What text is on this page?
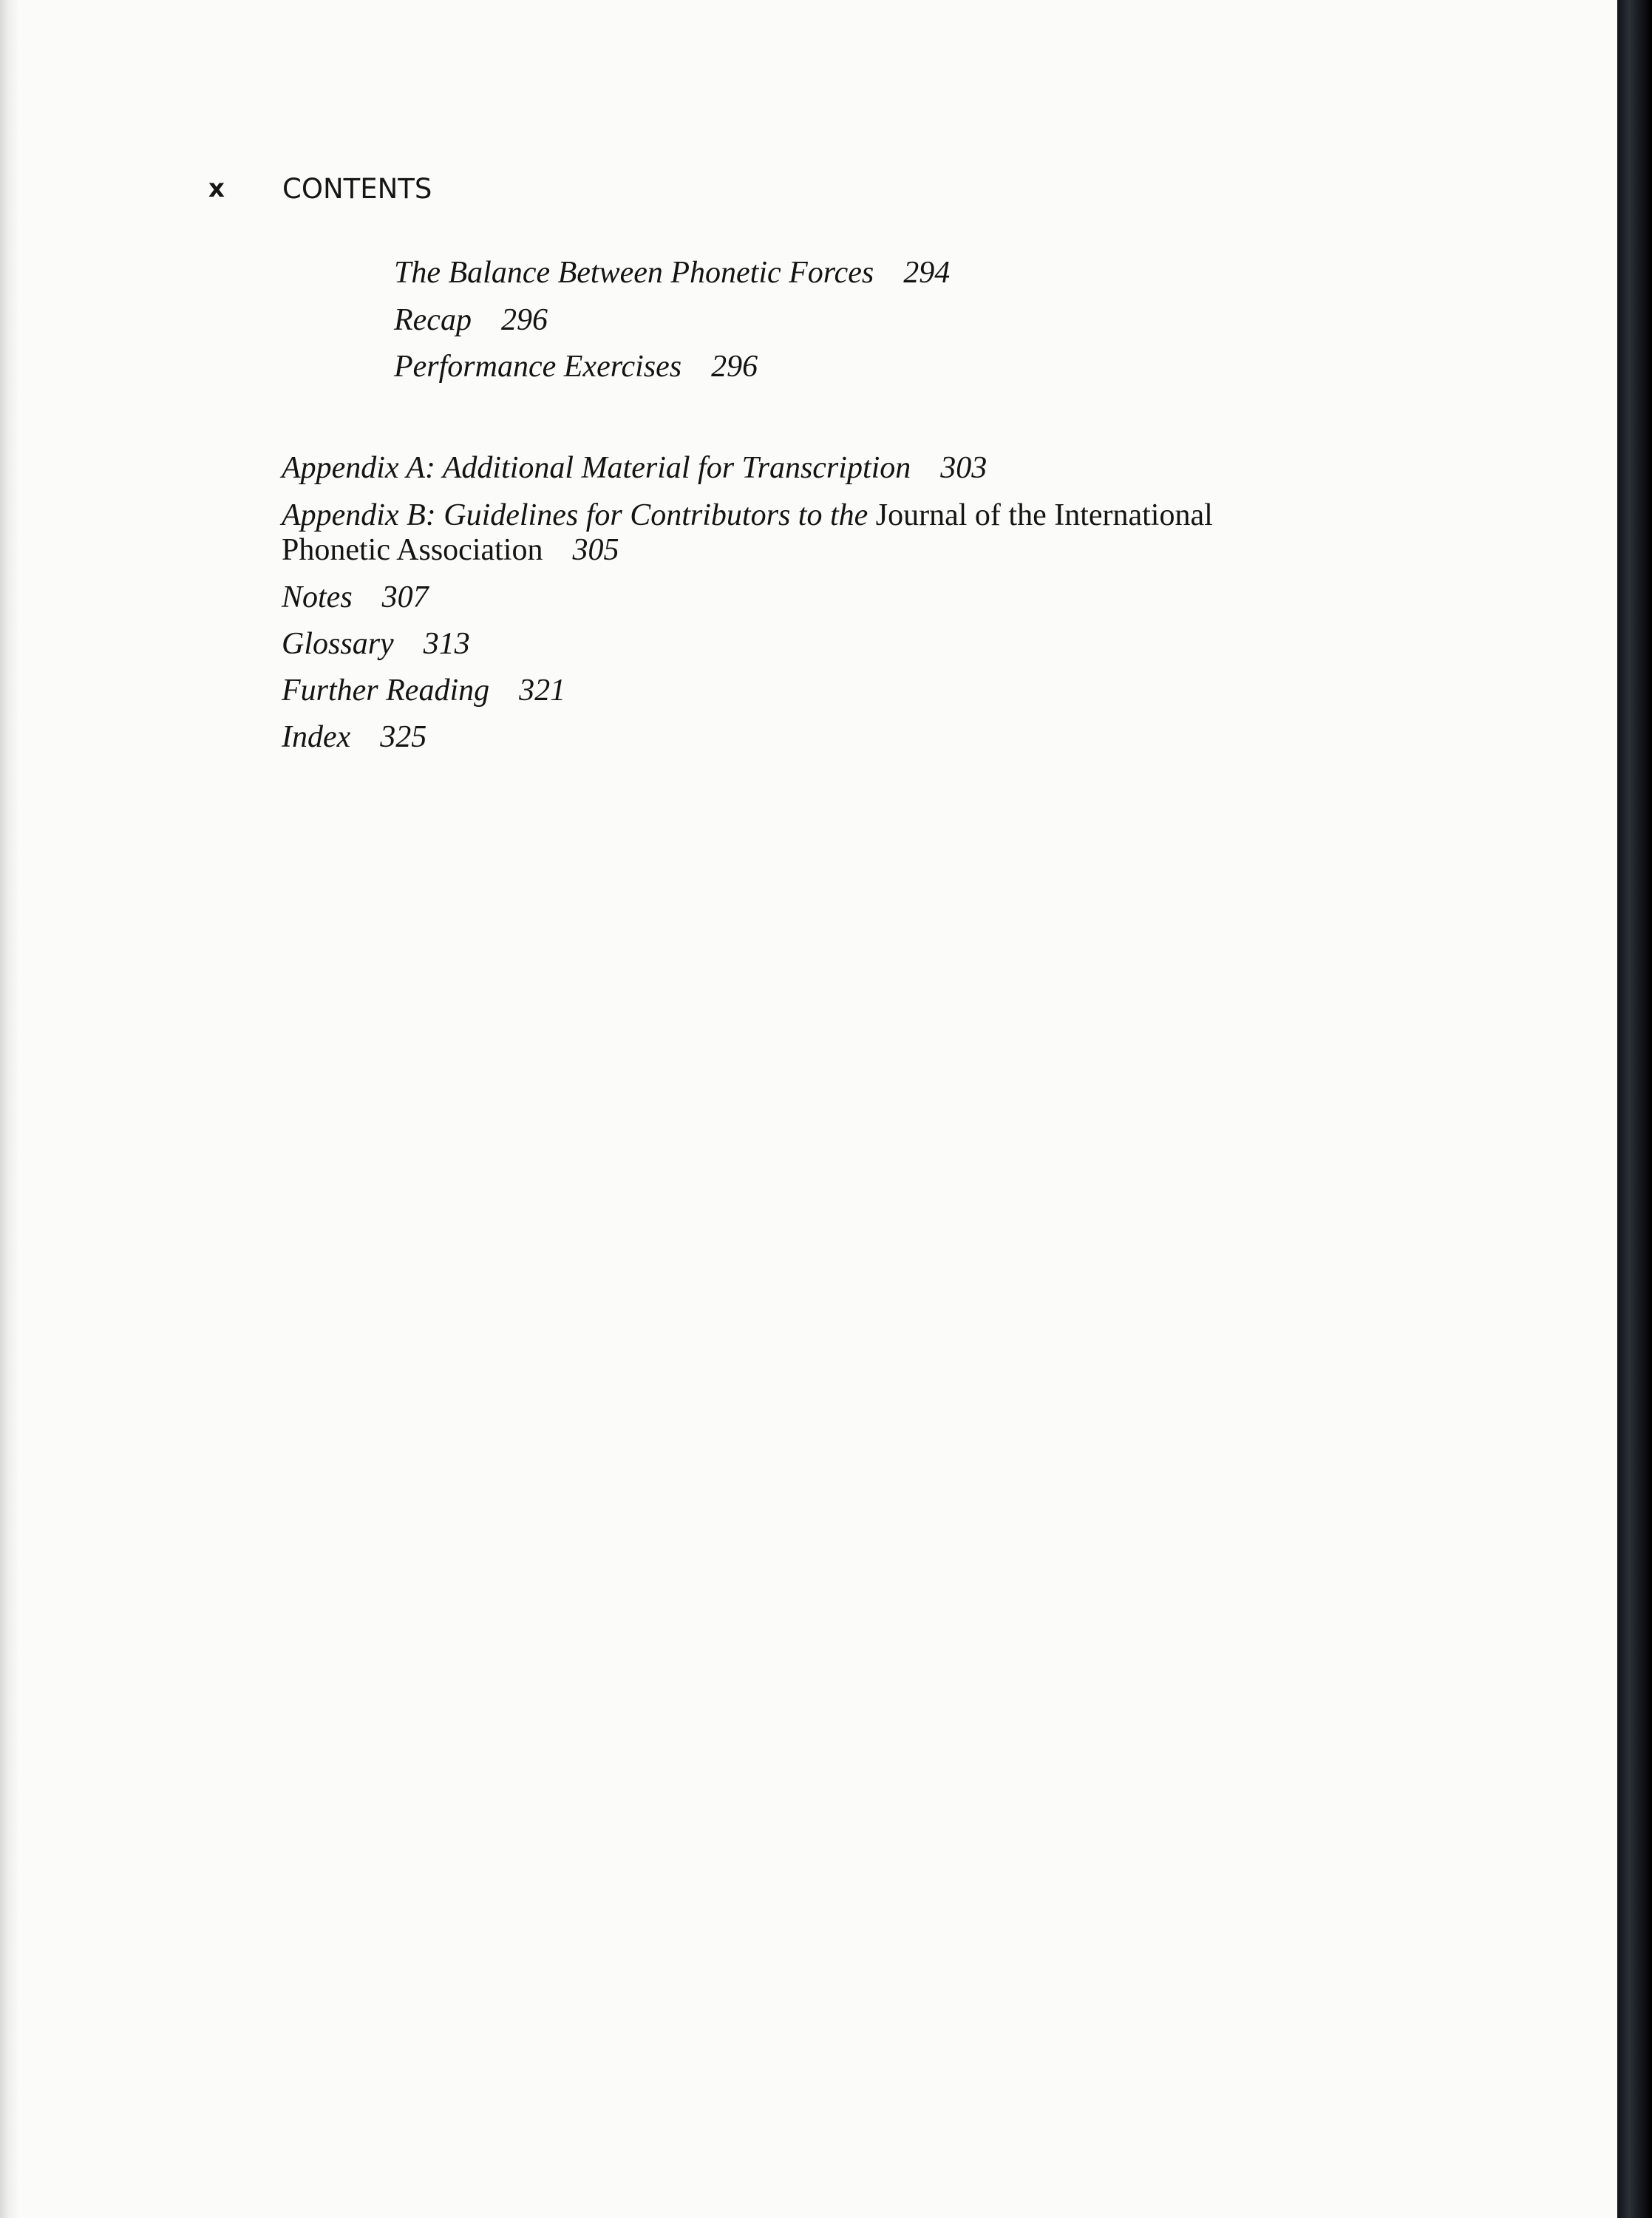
x	CONTENTS
The Balance Between Phonetic Forces 294
Recap 296
Performance Exercises 296
Appendix A: Additional Material for Transcription 303
Appendix B: Guidelines for Contributors to the Journal of the International
Phonetic Association 305
Notes 307
Glossary 313
Further Reading 321
Index 325
